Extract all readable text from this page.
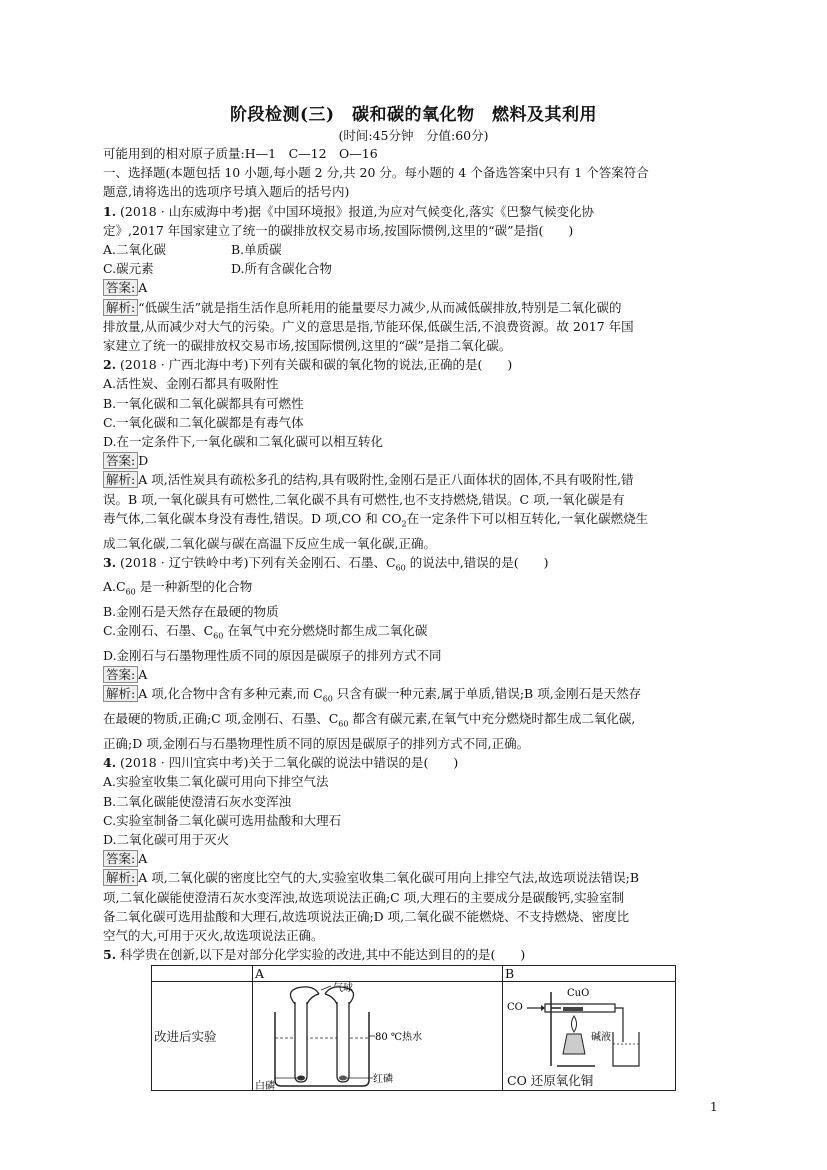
阶段检测(三)　碳和碳的氧化物　燃料及其利用
(时间:45分钟　分值:60分)
可能用到的相对原子质量:H—1　C—12　O—16
一、选择题(本题包括 10 小题,每小题 2 分,共 20 分。每小题的 4 个备选答案中只有 1 个答案符合
题意,请将选出的选项序号填入题后的括号内)
1. (2018 · 山东威海中考)据《中国环境报》报道,为应对气候变化,落实《巴黎气候变化协
定》,2017 年国家建立了统一的碳排放权交易市场,按国际惯例,这里的“碳”是指(　　)
A.二氧化碳	B.单质碳
C.碳元素	D.所有含碳化合物
答案: A
解析: “低碳生活”就是指生活作息所耗用的能量要尽力减少,从而减低碳排放,特别是二氧化碳的
排放量,从而减少对大气的污染。广义的意思是指,节能环保,低碳生活,不浪费资源。故 2017 年国
家建立了统一的碳排放权交易市场,按国际惯例,这里的“碳”是指二氧化碳。
2. (2018 · 广西北海中考)下列有关碳和碳的氧化物的说法,正确的是(　　)
A.活性炭、金刚石都具有吸附性
B.一氧化碳和二氧化碳都具有可燃性
C.一氧化碳和二氧化碳都是有毒气体
D.在一定条件下,一氧化碳和二氧化碳可以相互转化
答案: D
解析: A 项,活性炭具有疏松多孔的结构,具有吸附性,金刚石是正八面体状的固体,不具有吸附性,错
误。B 项,一氧化碳具有可燃性,二氧化碳不具有可燃性,也不支持燃烧,错误。C 项,一氧化碳是有
毒气体,二氧化碳本身没有毒性,错误。D 项,CO 和 $CO_2$在一定条件下可以相互转化,一氧化碳燃烧生
成二氧化碳,二氧化碳与碳在高温下反应生成一氧化碳,正确。
3. (2018 · 辽宁铁岭中考)下列有关金刚石、石墨、$C_{60}$ 的说法中,错误的是(　　)
$A.C_{60}$ 是一种新型的化合物
B.金刚石是天然存在最硬的物质
C.金刚石、石墨、$C_{60}$ 在氧气中充分燃烧时都生成二氧化碳
D.金刚石与石墨物理性质不同的原因是碳原子的排列方式不同
答案: A
解析: A 项,化合物中含有多种元素,而 $C_{60}$ 只含有碳一种元素,属于单质,错误;B 项,金刚石是天然存
在最硬的物质,正确;C 项,金刚石、石墨、$C_{60}$ 都含有碳元素,在氧气中充分燃烧时都生成二氧化碳,
正确;D 项,金刚石与石墨物理性质不同的原因是碳原子的排列方式不同,正确。
4. (2018 · 四川宜宾中考)关于二氧化碳的说法中错误的是(　　)
A.实验室收集二氧化碳可用向下排空气法
B.二氧化碳能使澄清石灰水变浑浊
C.实验室制备二氧化碳可选用盐酸和大理石
D.二氧化碳可用于灭火
答案: A
解析: A 项,二氧化碳的密度比空气的大,实验室收集二氧化碳可用向上排空气法,故选项说法错误;B
项,二氧化碳能使澄清石灰水变浑浊,故选项说法正确;C 项,大理石的主要成分是碳酸钙,实验室制
备二氧化碳可选用盐酸和大理石,故选项说法正确;D 项,二氧化碳不能燃烧、不支持燃烧、密度比
空气的大,可用于灭火,故选项说法正确。
5. 科学贵在创新,以下是对部分化学实验的改进,其中不能达到目的的是(　　)
	A	B
改进后实验	气球
80 ℃热水
白磷
红磷	CO
CuO
碱液
CO 还原氧化铜
1
